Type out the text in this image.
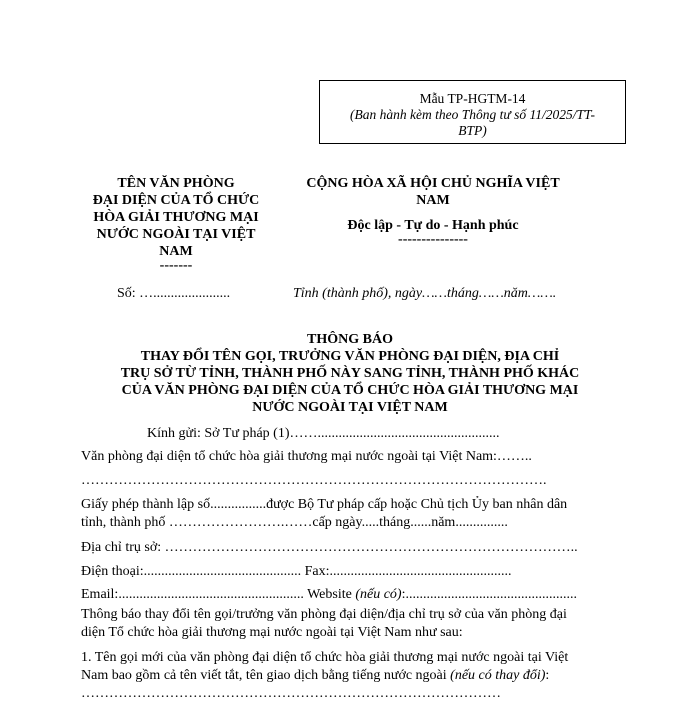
Mẫu TP-HGTM-14
(Ban hành kèm theo Thông tư số 11/2025/TT-
BTP)
TÊN VĂN PHÒNG
ĐẠI DIỆN CỦA TỔ CHỨC
HÒA GIẢI THƯƠNG MẠI
NƯỚC NGOÀI TẠI VIỆT
NAM
-------
CỘNG HÒA XÃ HỘI CHỦ NGHĨA VIỆT
NAM
Độc lập - Tự do - Hạnh phúc
---------------
Số: …......................	Tỉnh (thành phố), ngày……tháng……năm…….
THÔNG BÁO
THAY ĐỔI TÊN GỌI, TRƯỞNG VĂN PHÒNG ĐẠI DIỆN, ĐỊA CHỈ
TRỤ SỞ TỪ TỈNH, THÀNH PHỐ NÀY SANG TỈNH, THÀNH PHỐ KHÁC
CỦA VĂN PHÒNG ĐẠI DIỆN CỦA TỔ CHỨC HÒA GIẢI THƯƠNG MẠI
NƯỚC NGOÀI TẠI VIỆT NAM
Kính gửi: Sở Tư pháp (1)……....................................................
Văn phòng đại diện tổ chức hòa giải thương mại nước ngoài tại Việt Nam:……..
……………………………………………………………………………………….
Giấy phép thành lập số................được Bộ Tư pháp cấp hoặc Chủ tịch Ủy ban nhân dân
tỉnh, thành phố …………………….……cấp ngày.....tháng......năm...............
Địa chỉ trụ sở: ……………………………………………………………………………..
Điện thoại:............................................. Fax:....................................................
Email:..................................................... Website (nếu có):.................................................
Thông báo thay đổi tên gọi/trưởng văn phòng đại diện/địa chỉ trụ sở của văn phòng đại
diện Tổ chức hòa giải thương mại nước ngoài tại Việt Nam như sau:
1. Tên gọi mới của văn phòng đại diện tổ chức hòa giải thương mại nước ngoài tại Việt
Nam bao gồm cả tên viết tắt, tên giao dịch bằng tiếng nước ngoài (nếu có thay đổi):
………………………………………………………………………………
